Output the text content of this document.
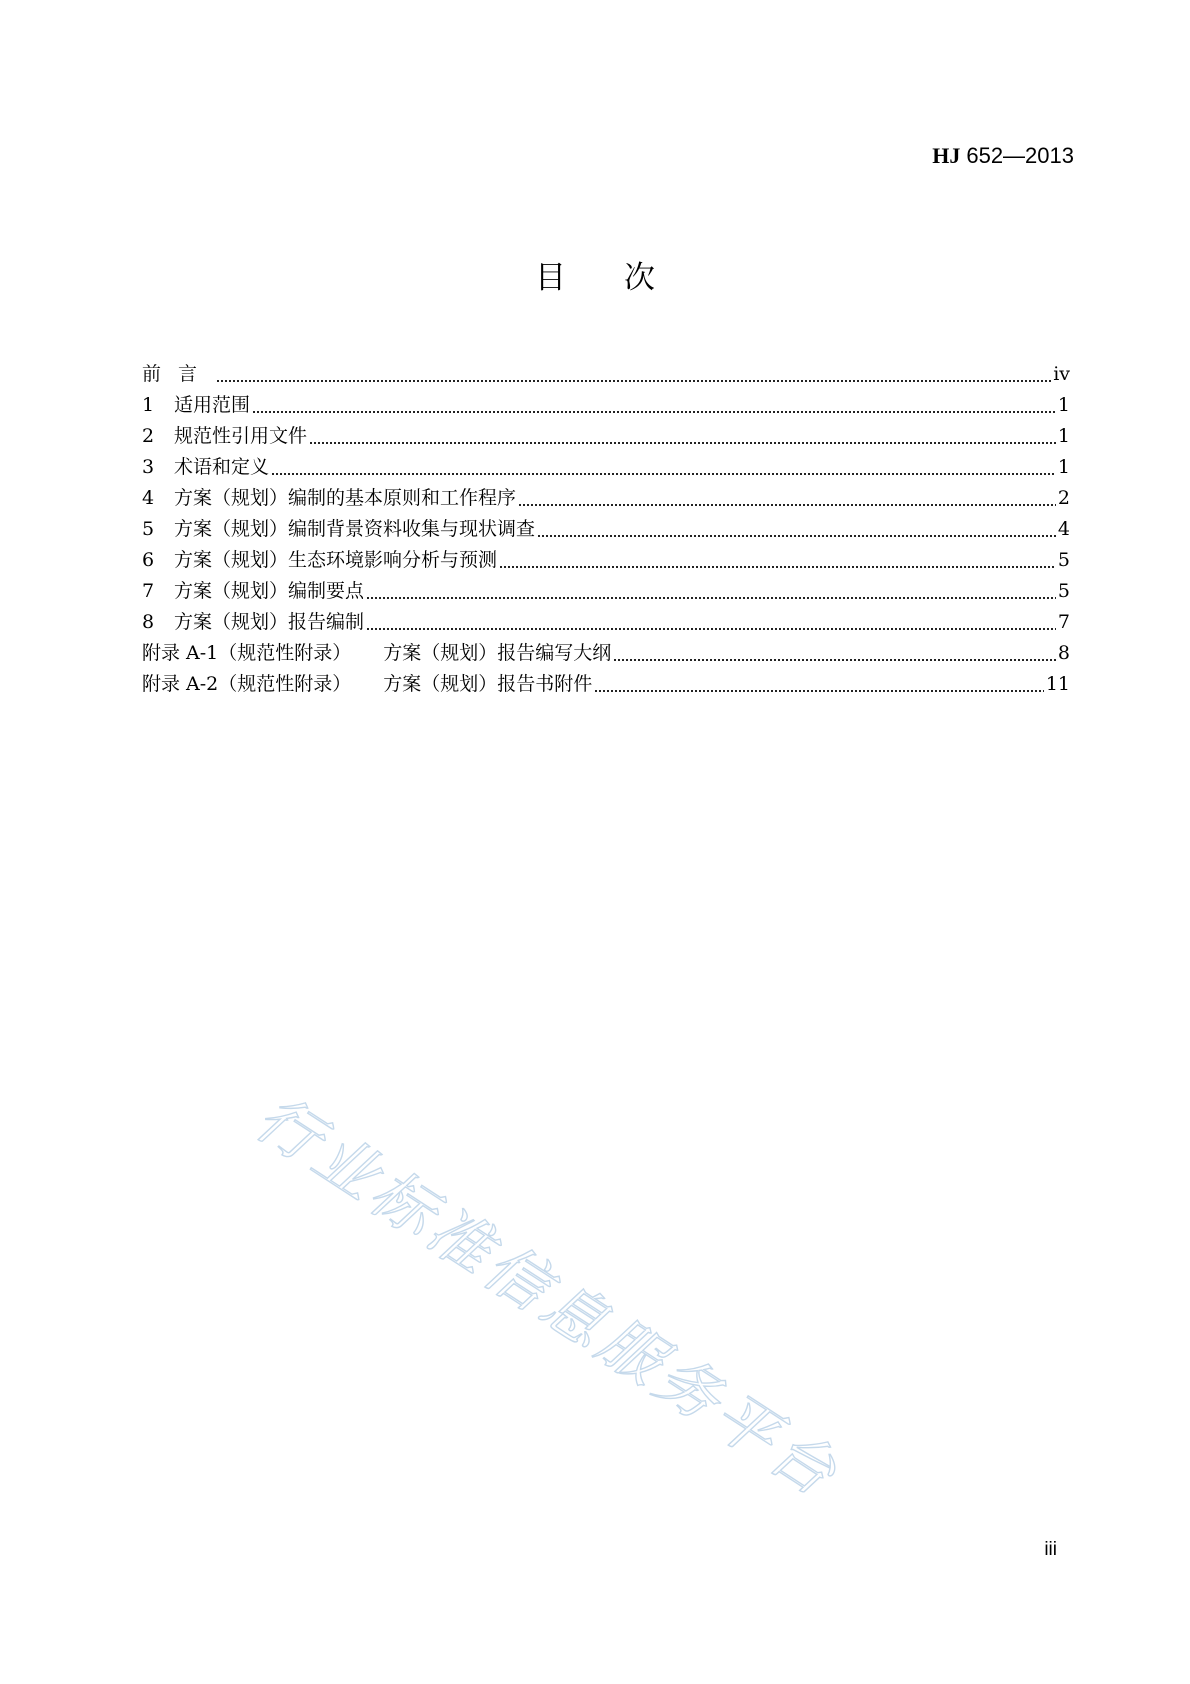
HJ 652—2013
目次
前言	iv
1	适用范围	1
2	规范性引用文件	1
3	术语和定义	1
4	方案（规划）编制的基本原则和工作程序	2
5	方案（规划）编制背景资料收集与现状调查	4
6	方案（规划）生态环境影响分析与预测	5
7	方案（规划）编制要点	5
8	方案（规划）报告编制	7
附录 A-1（规范性附录） 方案（规划）报告编写大纲	8
附录 A-2（规范性附录） 方案（规划）报告书附件	11
行业标准信息服务平台
iii
